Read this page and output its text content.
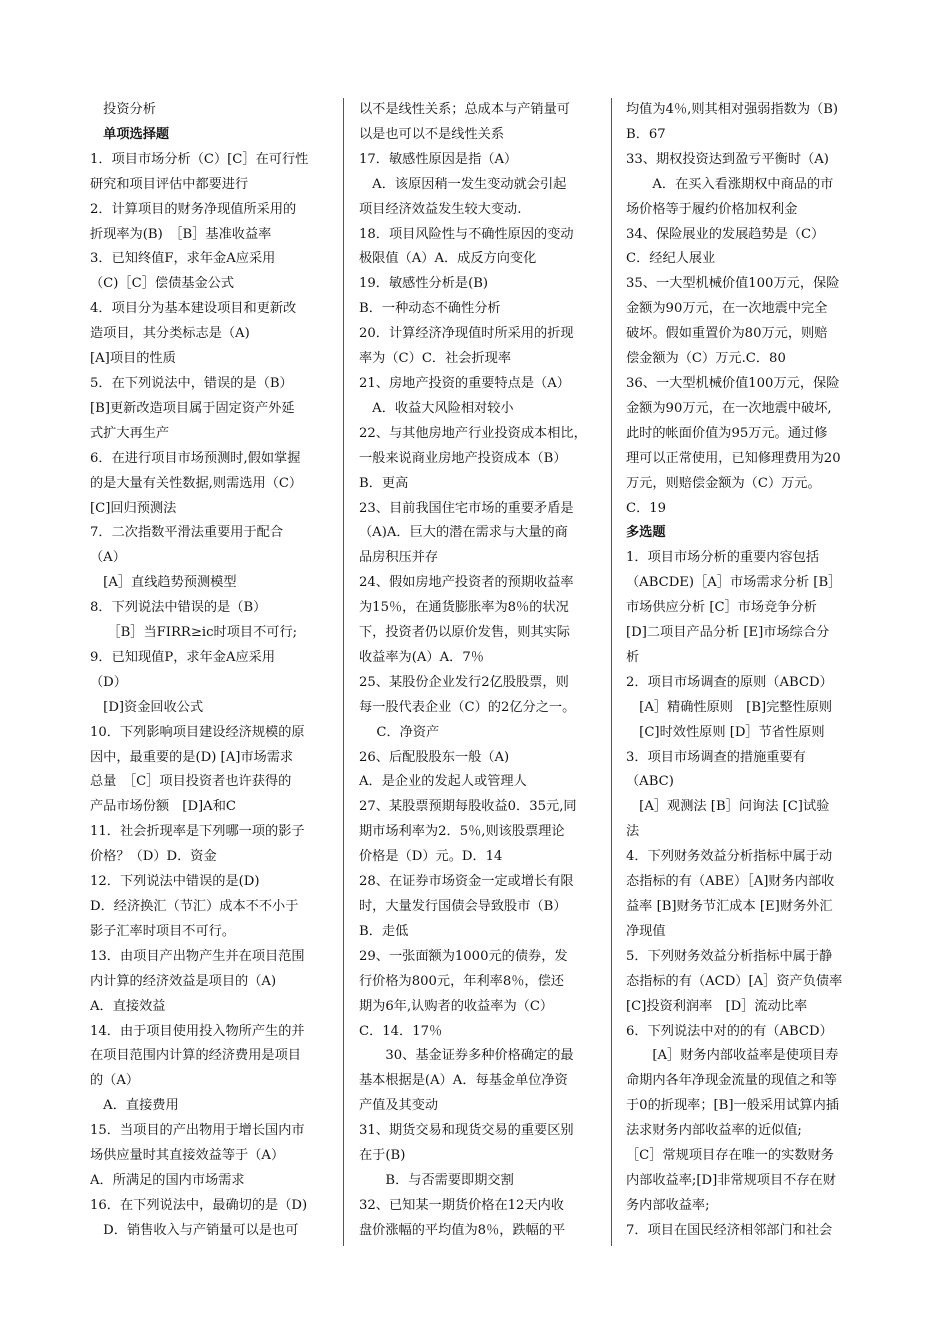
　投资分析
　单项选择题
1．项目市场分析（C）[C］在可行性
研究和项目评估中都要进行
2．计算项目的财务净现值所采用的
折现率为(B)　［B］基准收益率
3．已知终值F，求年金A应采用
（C)［C］偿债基金公式
4．项目分为基本建设项目和更新改
造项目，其分类标志是（A)
[A]项目的性质
5．在下列说法中，错误的是（B）
[B]更新改造项目属于固定资产外延
式扩大再生产
6．在进行项目市场预测时,假如掌握
的是大量有关性数据,则需选用（C）
[C]回归预测法
7．二次指数平滑法重要用于配合
（A）
　[A］直线趋势预测模型
8．下列说法中错误的是（B）
　 ［B］当FIRR≥ic时项目不可行;
9．已知现值P，求年金A应采用
（D）
　[D]资金回收公式
10．下列影响项目建设经济规模的原
因中，最重要的是(D) [A]市场需求
总量　［C］项目投资者也许获得的
产品市场份额　[D]A和C
11．社会折现率是下列哪一项的影子
价格？（D）D．资金
12．下列说法中错误的是(D)
D．经济换汇（节汇）成本不不小于
影子汇率时项目不可行。
13．由项目产出物产生并在项目范围
内计算的经济效益是项目的（A)
A．直接效益
14．由于项目使用投入物所产生的并
在项目范围内计算的经济费用是项目
的（A）
　A．直接费用
15．当项目的产出物用于增长国内市
场供应量时其直接效益等于（A）
A．所满足的国内市场需求
16．在下列说法中，最确切的是（D)
　D．销售收入与产销量可以是也可
以不是线性关系；总成本与产销量可
以是也可以不是线性关系
17．敏感性原因是指（A）
　A．该原因稍一发生变动就会引起
项目经济效益发生较大变动.
18．项目风险性与不确性原因的变动
极限值（A）A．成反方向变化
19．敏感性分析是(B)
B．一种动态不确性分析
20．计算经济净现值时所采用的折现
率为（C）C．社会折现率
21、房地产投资的重要特点是（A）
　A．收益大风险相对较小
22、与其他房地产行业投资成本相比，
一般来说商业房地产投资成本（B）
B．更高
23、目前我国住宅市场的重要矛盾是
（A)A．巨大的潜在需求与大量的商
品房积压并存
24、假如房地产投资者的预期收益率
为15％，在通货膨胀率为8％的状况
下，投资者仍以原价发售，则其实际
收益率为(A）A．7％
25、某股份企业发行2亿股股票，则
每一股代表企业（C）的2亿分之一。
　 C．净资产
26、后配股股东一般（A)
A．是企业的发起人或管理人
27、某股票预期每股收益0．35元,同
期市场利率为2．5％,则该股票理论
价格是（D）元。D．14
28、在证券市场资金一定或增长有限
时，大量发行国债会导致股市（B）
B．走低
29、一张面额为1000元的债券，发
行价格为800元，年利率8％，偿还
期为6年,认购者的收益率为（C）
C．14．17％
　　30、基金证券多种价格确定的最
基本根据是(A）A．每基金单位净资
产值及其变动
31、期货交易和现货交易的重要区别
在于(B)
　　B．与否需要即期交割
32、已知某一期货价格在12天内收
盘价涨幅的平均值为8％，跌幅的平
均值为4％,则其相对强弱指数为（B)
B．67
33、期权投资达到盈亏平衡时（A)
　　A．在买入看涨期权中商品的市
场价格等于履约价格加权利金
34、保险展业的发展趋势是（C）
C．经纪人展业
35、一大型机械价值100万元，保险
金额为90万元，在一次地震中完全
破坏。假如重置价为80万元，则赔
偿金额为（C）万元.C．80
36、一大型机械价值100万元，保险
金额为90万元，在一次地震中破坏,
此时的帐面价值为95万元。通过修
理可以正常使用，已知修理费用为20
万元，则赔偿金额为（C）万元。
C．19
多选题
1．项目市场分析的重要内容包括
（ABCDE)［A］市场需求分析 [B］
市场供应分析 [C］市场竞争分析
[D]二项目产品分析 [E]市场综合分
析
2．项目市场调查的原则（ABCD）
　[A］精确性原则　[B]完整性原则
　[C]时效性原则 [D］节省性原则
3．项目市场调查的措施重要有
（ABC)
　[A］观测法 [B］问询法 [C]试验
法
4．下列财务效益分析指标中属于动
态指标的有（ABE）［A]财务内部收
益率 [B]财务节汇成本 [E]财务外汇
净现值
5．下列财务效益分析指标中属于静
态指标的有（ACD）[A］资产负债率
[C]投资利润率　[D］流动比率
6．下列说法中对的的有（ABCD）
　　[A］财务内部收益率是使项目寿
命期内各年净现金流量的现值之和等
于0的折现率；[B]一般采用试算内插
法求财务内部收益率的近似值;
［C］常规项目存在唯一的实数财务
内部收益率;[D]非常规项目不存在财
务内部收益率;
7．项目在国民经济相邻部门和社会
